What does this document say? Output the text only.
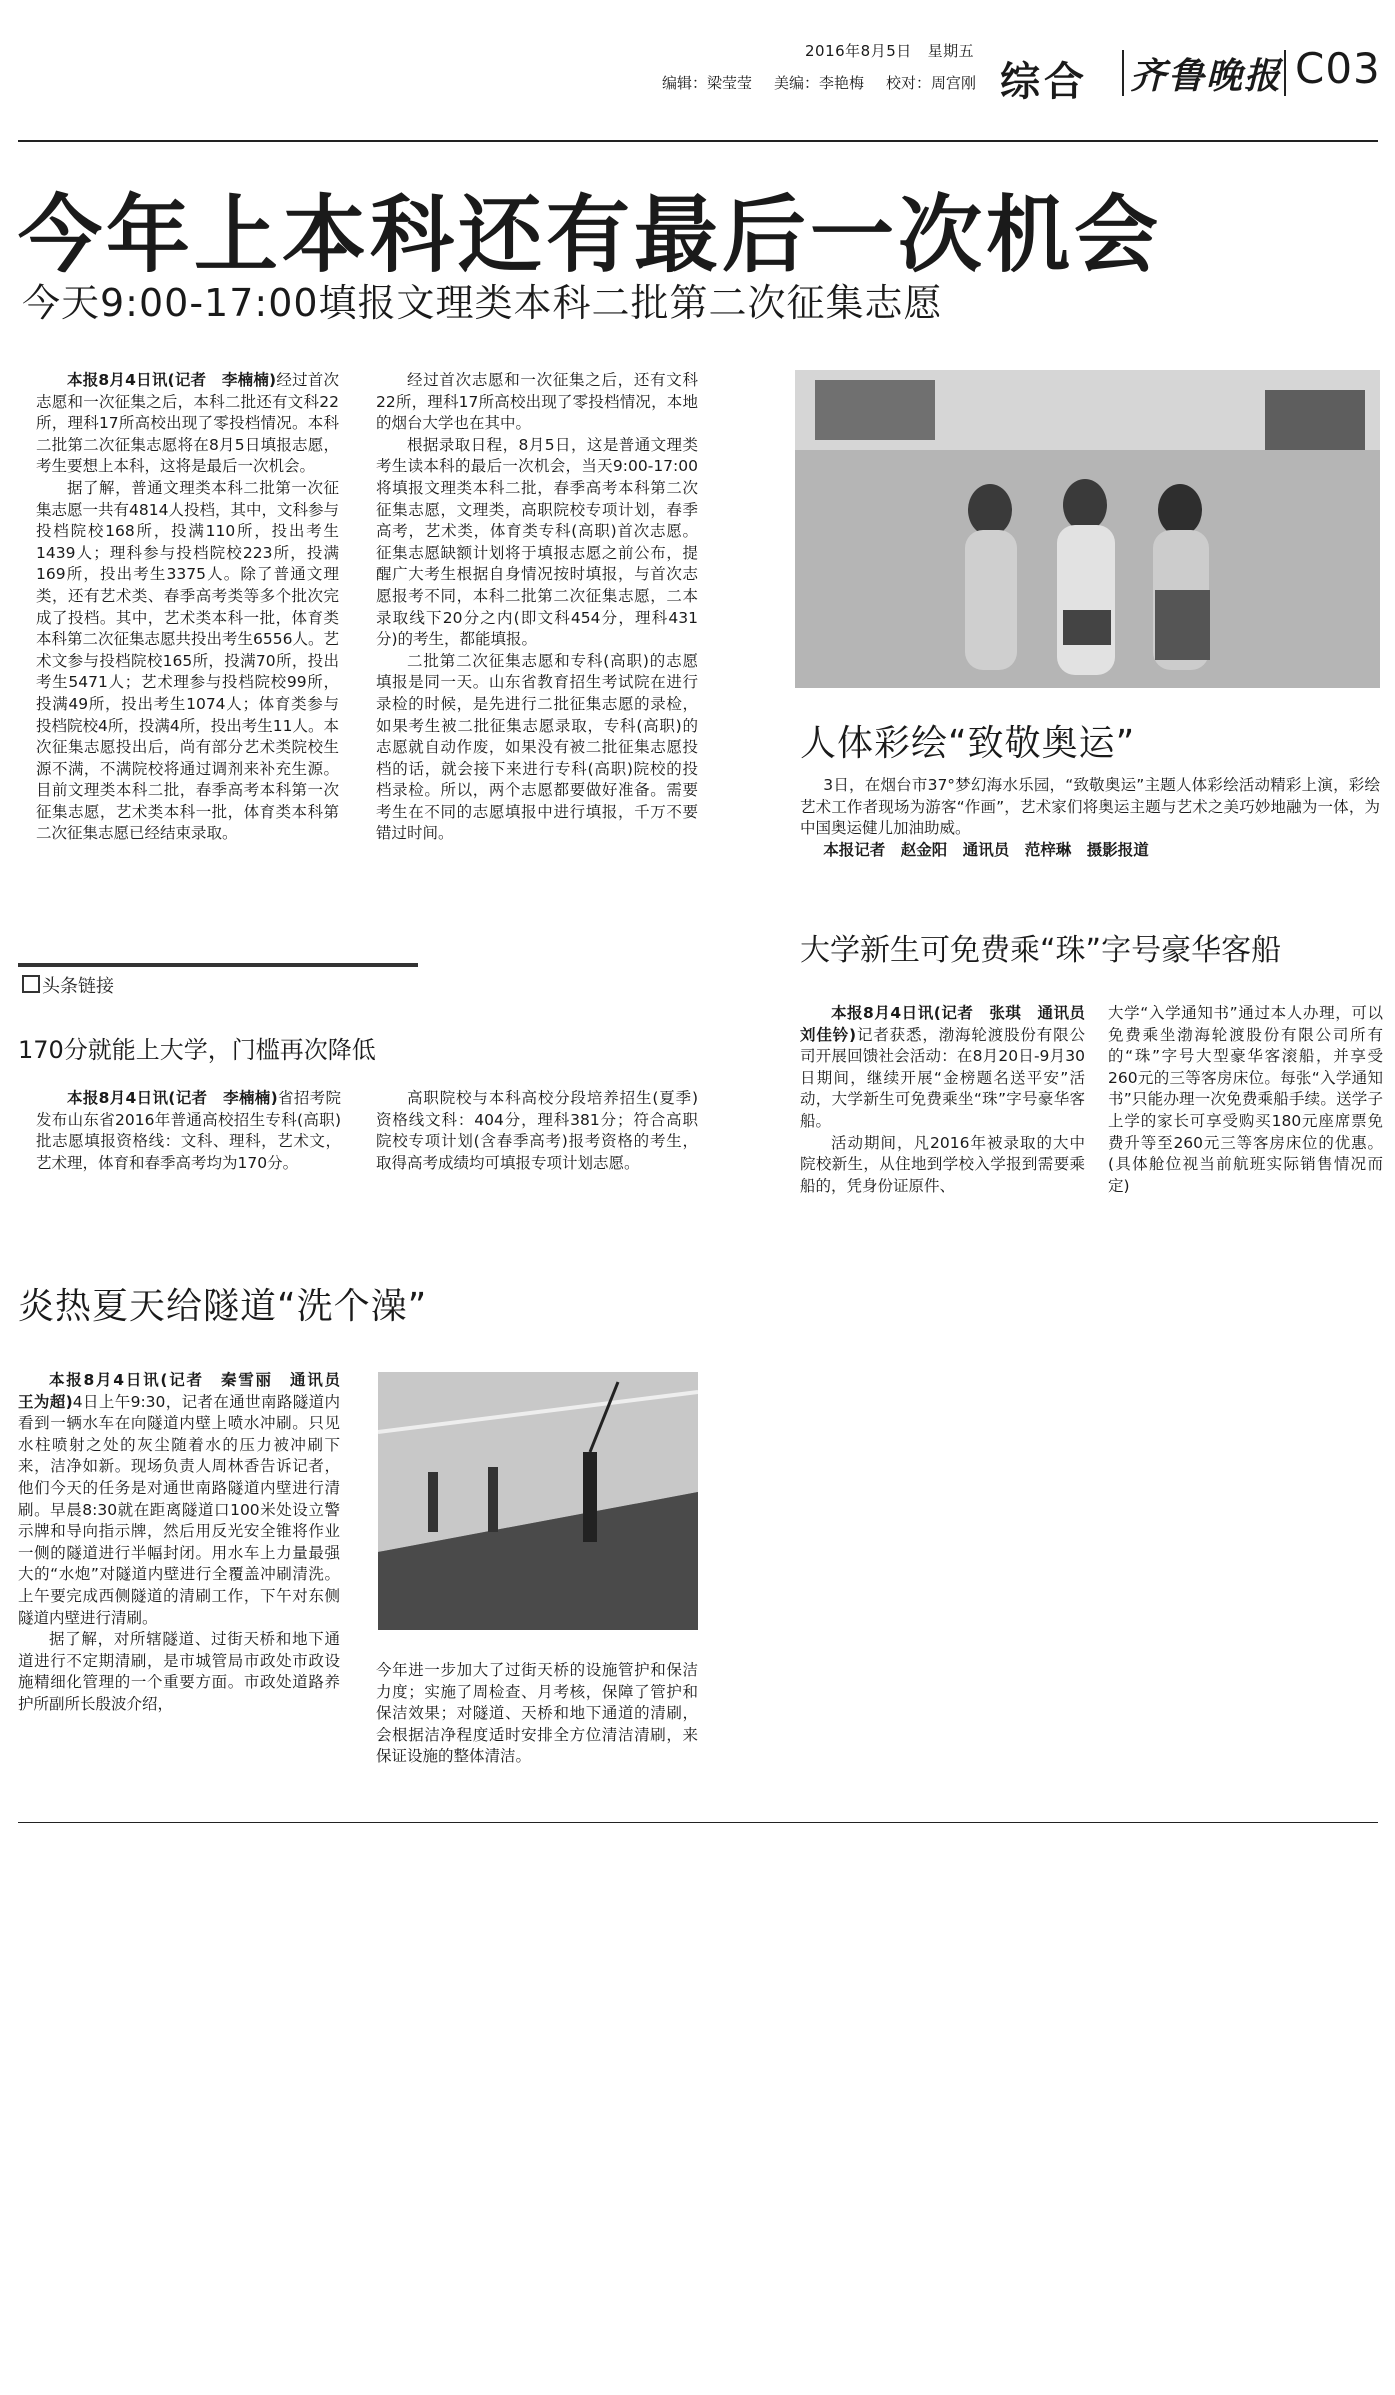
2016年8月5日 星期五
编辑：梁莹莹 美编：李艳梅 校对：周宫刚 综合 齐鲁晚报 C03
今年上本科还有最后一次机会
今天9:00-17:00填报文理类本科二批第二次征集志愿

本报8月4日讯(记者　李楠楠)经过首次志愿和一次征集之后，本科二批还有文科22所，理科17所高校出现了零投档情况。本科二批第二次征集志愿将在8月5日填报志愿，考生要想上本科，这将是最后一次机会。

据了解，普通文理类本科二批第一次征集志愿一共有4814人投档，其中，文科参与投档院校168所，投满110所，投出考生1439人；理科参与投档院校223所，投满169所，投出考生3375人。除了普通文理类，还有艺术类、春季高考类等多个批次完成了投档。其中，艺术类本科一批，体育类本科第二次征集志愿共投出考生6556人。艺术文参与投档院校165所，投满70所，投出考生5471人；艺术理参与投档院校99所，投满49所，投出考生1074人；体育类参与投档院校4所，投满4所，投出考生11人。本次征集志愿投出后，尚有部分艺术类院校生源不满，不满院校将通过调剂来补充生源。目前文理类本科二批，春季高考本科第一次征集志愿，艺术类本科一批，体育类本科第二次征集志愿已经结束录取。

经过首次志愿和一次征集之后，还有文科22所，理科17所高校出现了零投档情况，本地的烟台大学也在其中。

根据录取日程，8月5日，这是普通文理类考生读本科的最后一次机会，当天9:00-17:00将填报文理类本科二批，春季高考本科第二次征集志愿，文理类，高职院校专项计划，春季高考，艺术类，体育类专科(高职)首次志愿。征集志愿缺额计划将于填报志愿之前公布，提醒广大考生根据自身情况按时填报，与首次志愿报考不同，本科二批第二次征集志愿，二本录取线下20分之内(即文科454分，理科431分)的考生，都能填报。

二批第二次征集志愿和专科(高职)的志愿填报是同一天。山东省教育招生考试院在进行录检的时候，是先进行二批征集志愿的录检，如果考生被二批征集志愿录取，专科(高职)的志愿就自动作废，如果没有被二批征集志愿投档的话，就会接下来进行专科(高职)院校的投档录检。所以，两个志愿都要做好准备。需要考生在不同的志愿填报中进行填报，千万不要错过时间。

人体彩绘“致敬奥运”

3日，在烟台市37°梦幻海水乐园，“致敬奥运”主题人体彩绘活动精彩上演，彩绘艺术工作者现场为游客“作画”，艺术家们将奥运主题与艺术之美巧妙地融为一体，为中国奥运健儿加油助威。

本报记者　赵金阳　通讯员　范梓琳　摄影报道

大学新生可免费乘“珠”字号豪华客船

本报8月4日讯(记者　张琪　通讯员　刘佳钤)记者获悉，渤海轮渡股份有限公司开展回馈社会活动：在8月20日-9月30日期间，继续开展“金榜题名送平安”活动，大学新生可免费乘坐“珠”字号豪华客船。

活动期间，凡2016年被录取的大中院校新生，从住地到学校入学报到需要乘船的，凭身份证原件、

大学“入学通知书”通过本人办理，可以免费乘坐渤海轮渡股份有限公司所有的“珠”字号大型豪华客滚船，并享受260元的三等客房床位。每张“入学通知书”只能办理一次免费乘船手续。送学子上学的家长可享受购买180元座席票免费升等至260元三等客房床位的优惠。(具体舱位视当前航班实际销售情况而定)

头条链接
170分就能上大学，门槛再次降低

本报8月4日讯(记者　李楠楠)省招考院发布山东省2016年普通高校招生专科(高职)批志愿填报资格线：文科、理科，艺术文，艺术理，体育和春季高考均为170分。

高职院校与本科高校分段培养招生(夏季)资格线文科：404分，理科381分；符合高职院校专项计划(含春季高考)报考资格的考生，取得高考成绩均可填报专项计划志愿。

炎热夏天给隧道“洗个澡”

本报8月4日讯(记者　秦雪丽　通讯员　王为超)4日上午9:30，记者在通世南路隧道内看到一辆水车在向隧道内壁上喷水冲刷。只见水柱喷射之处的灰尘随着水的压力被冲刷下来，洁净如新。现场负责人周林香告诉记者，他们今天的任务是对通世南路隧道内壁进行清刷。早晨8:30就在距离隧道口100米处设立警示牌和导向指示牌，然后用反光安全锥将作业一侧的隧道进行半幅封闭。用水车上力量最强大的“水炮”对隧道内壁进行全覆盖冲刷清洗。上午要完成西侧隧道的清刷工作，下午对东侧隧道内壁进行清刷。

据了解，对所辖隧道、过街天桥和地下通道进行不定期清刷，是市城管局市政处市政设施精细化管理的一个重要方面。市政处道路养护所副所长殷波介绍，

今年进一步加大了过街天桥的设施管护和保洁力度；实施了周检查、月考核，保障了管护和保洁效果；对隧道、天桥和地下通道的清刷，会根据洁净程度适时安排全方位清洁清刷，来保证设施的整体清洁。
